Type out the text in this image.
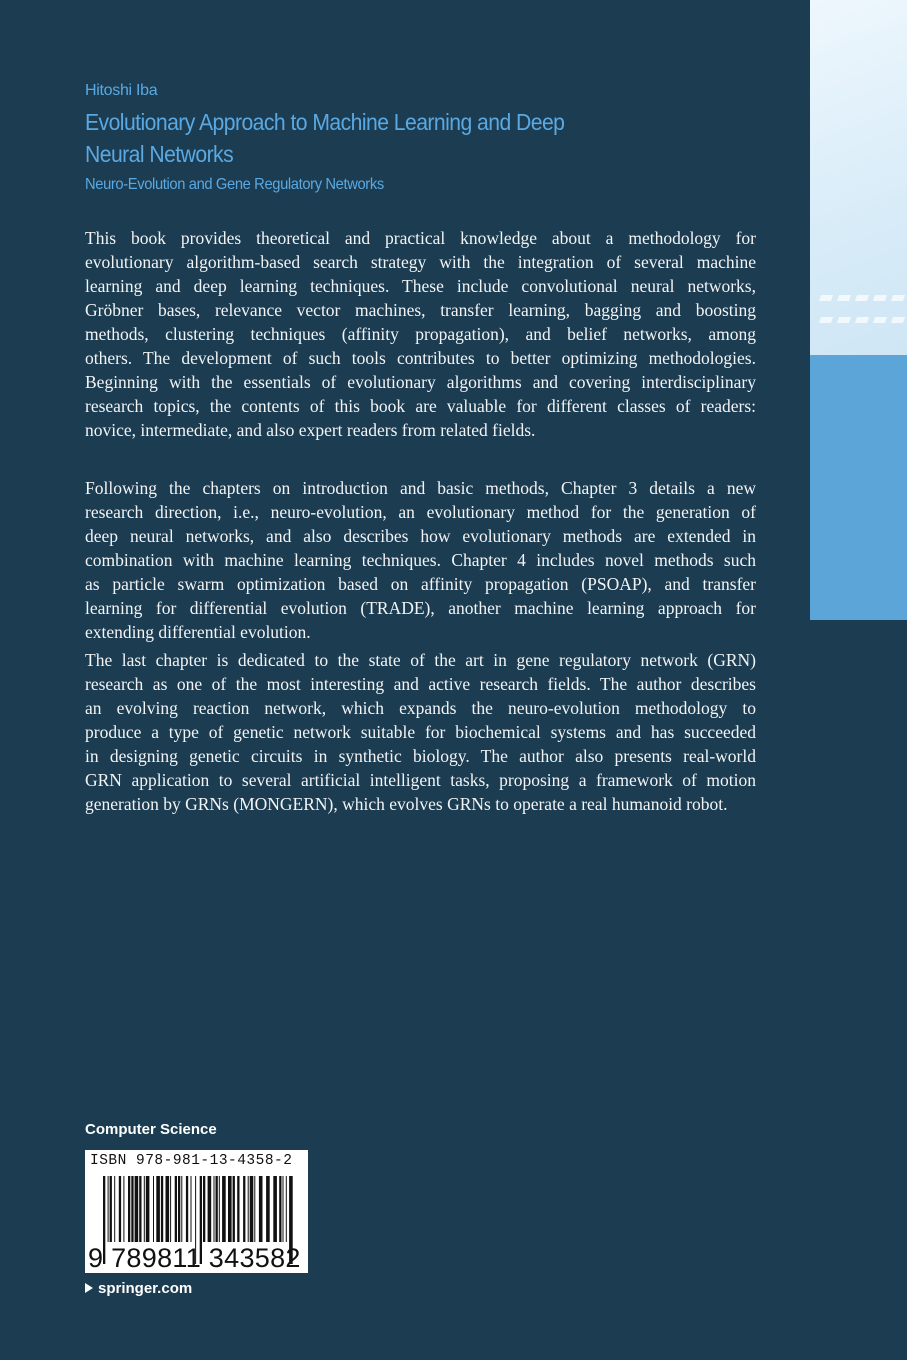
Hitoshi Iba
Evolutionary Approach to Machine Learning and Deep
Neural Networks
Neuro-Evolution and Gene Regulatory Networks
This book provides theoretical and practical knowledge about a methodology for
evolutionary algorithm-based search strategy with the integration of several machine
learning and deep learning techniques. These include convolutional neural networks,
Gröbner bases, relevance vector machines, transfer learning, bagging and boosting
methods, clustering techniques (affinity propagation), and belief networks, among
others. The development of such tools contributes to better optimizing methodologies.
Beginning with the essentials of evolutionary algorithms and covering interdisciplinary
research topics, the contents of this book are valuable for different classes of readers:
novice, intermediate, and also expert readers from related fields.
Following the chapters on introduction and basic methods, Chapter 3 details a new
research direction, i.e., neuro-evolution, an evolutionary method for the generation of
deep neural networks, and also describes how evolutionary methods are extended in
combination with machine learning techniques. Chapter 4 includes novel methods such
as particle swarm optimization based on affinity propagation (PSOAP), and transfer
learning for differential evolution (TRADE), another machine learning approach for
extending differential evolution.
The last chapter is dedicated to the state of the art in gene regulatory network (GRN)
research as one of the most interesting and active research fields. The author describes
an evolving reaction network, which expands the neuro-evolution methodology to
produce a type of genetic network suitable for biochemical systems and has succeeded
in designing genetic circuits in synthetic biology. The author also presents real-world
GRN application to several artificial intelligent tasks, proposing a framework of motion
generation by GRNs (MONGERN), which evolves GRNs to operate a real humanoid robot.
Computer Science
ISBN 978-981-13-4358-2
9 789811 343582
springer.com
